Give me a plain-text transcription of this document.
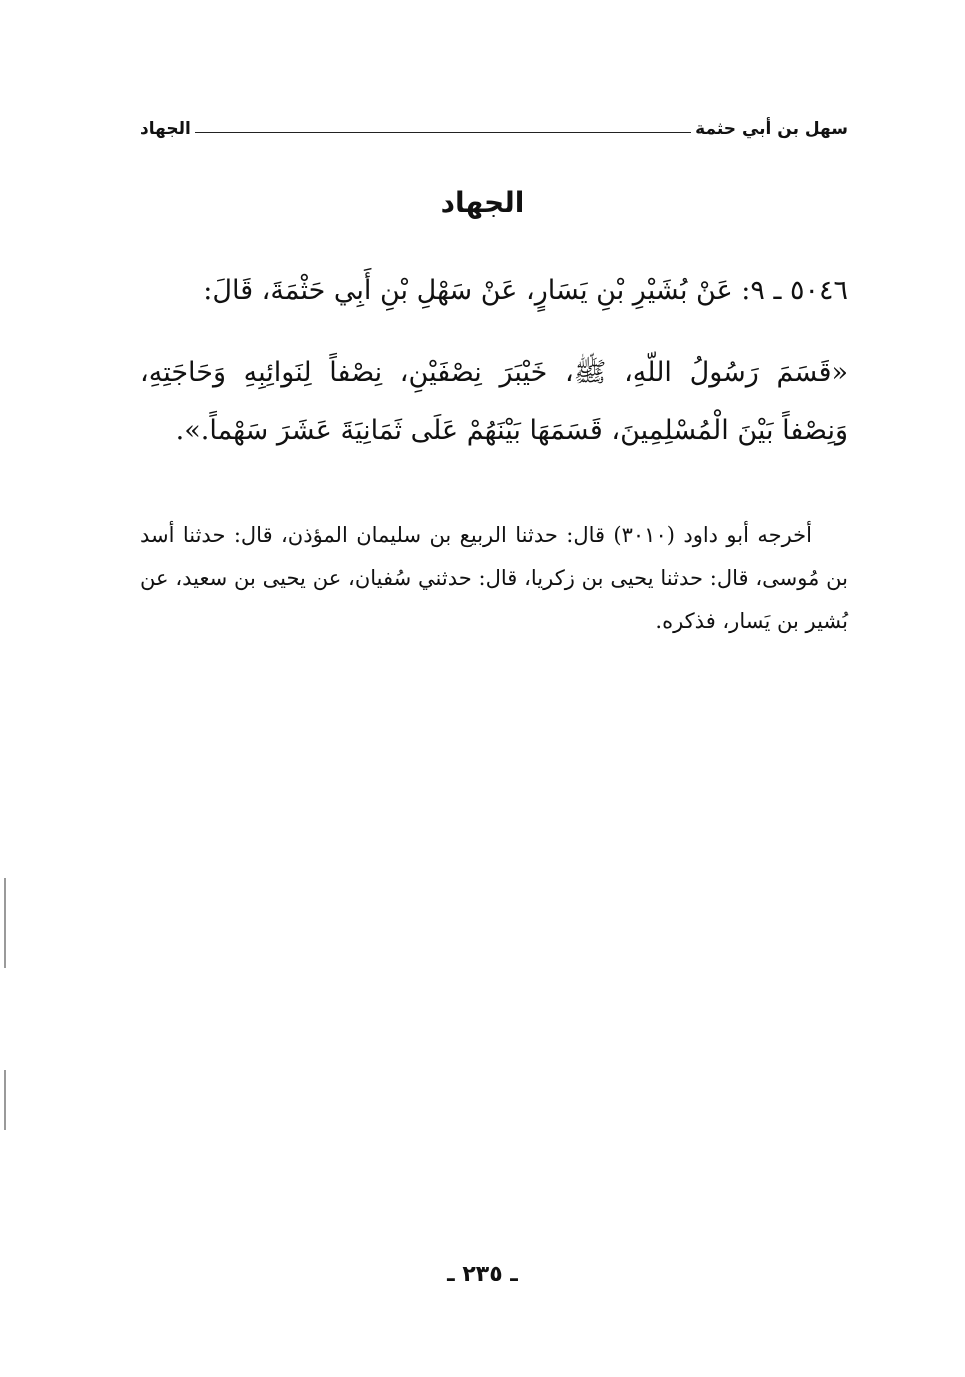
الجهاد	سهل بن أبي حثمة
الجهاد

٥٠٤٦ ـ ٩: عَنْ بُشَيْرِ بْنِ يَسَارٍ، عَنْ سَهْلِ بْنِ أَبِي حَثْمَةَ، قَالَ:

«قَسَمَ رَسُولُ اللّهِ، ﷺ، خَيْبَرَ نِصْفَيْنِ، نِصْفاً لِنَوائِبِهِ وَحَاجَتِهِ، وَنِصْفاً بَيْنَ الْمُسْلِمِينَ، قَسَمَهَا بَيْنَهُمْ عَلَى ثَمَانِيَةَ عَشَرَ سَهْماً.».

أخرجه أبو داود (٣٠١٠) قال: حدثنا الربيع بن سليمان المؤذن، قال: حدثنا أسد بن مُوسى، قال: حدثنا يحيى بن زكريا، قال: حدثني سُفيان، عن يحيى بن سعيد، عن بُشير بن يَسار، فذكره.
ـ ٢٣٥ ـ
